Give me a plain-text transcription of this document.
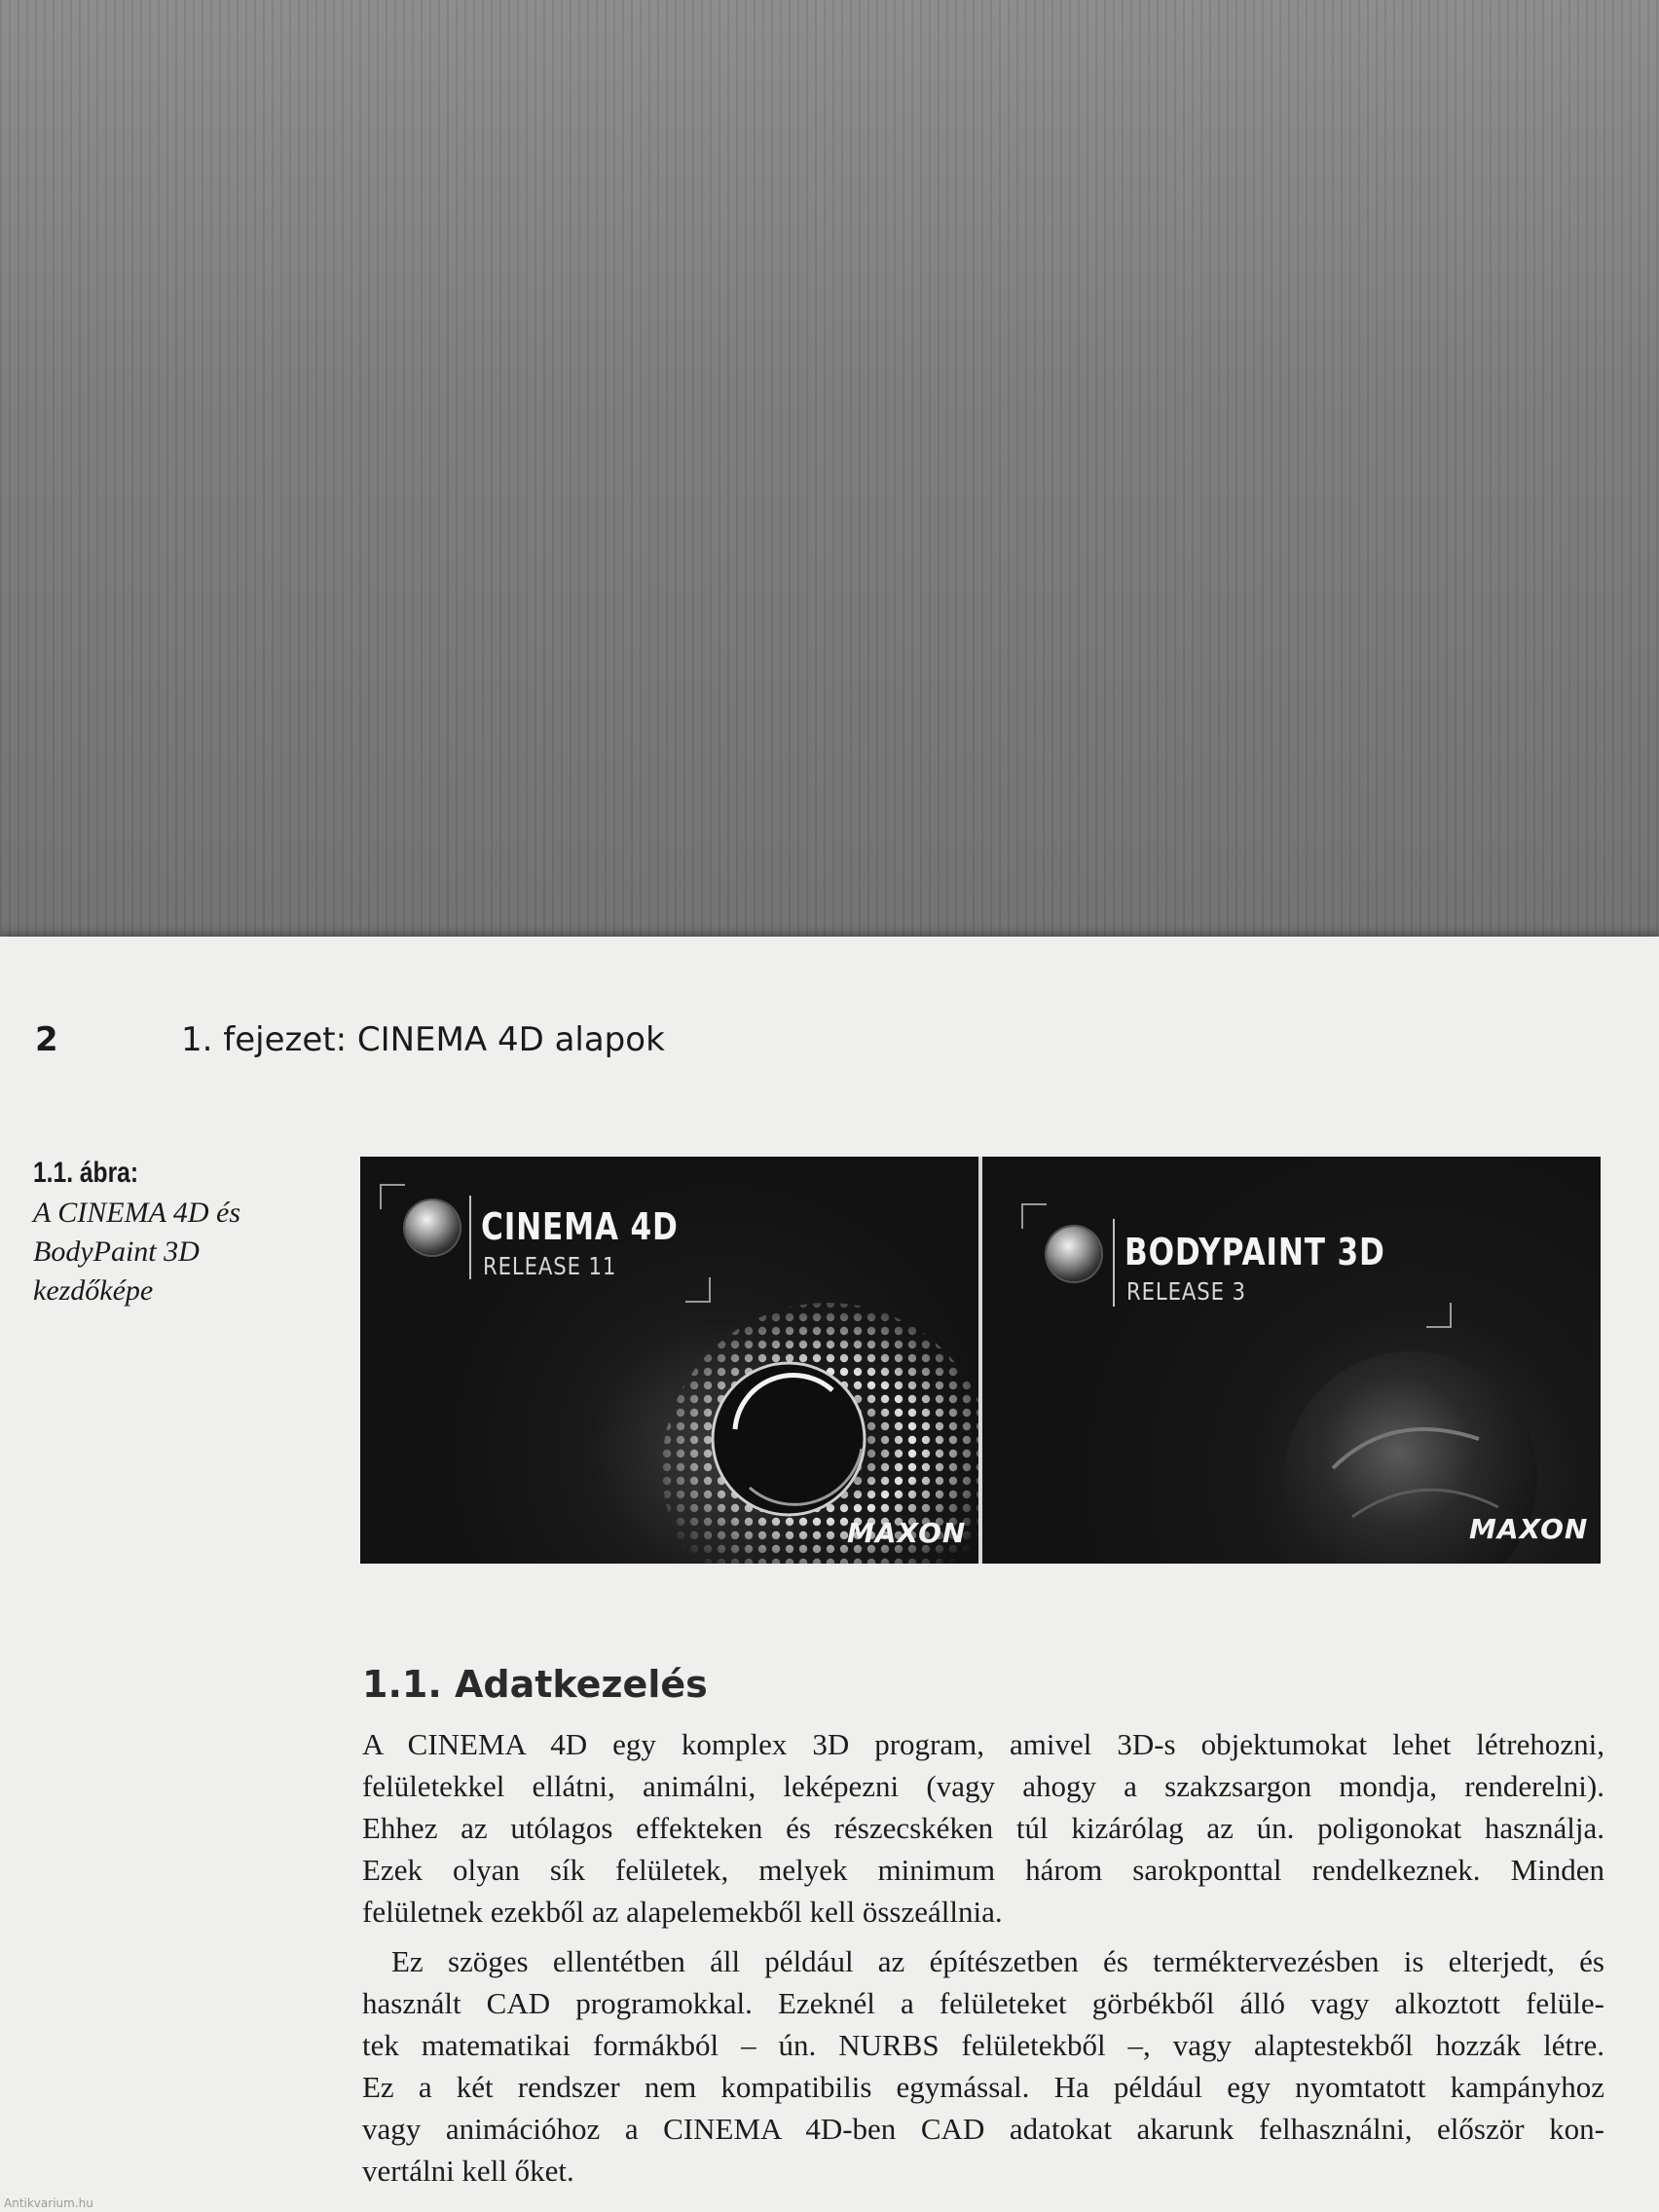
2	1. fejezet: CINEMA 4D alapok
1.1. ábra:
A CINEMA 4D és
BodyPaint 3D
kezdőképe
CINEMA 4D
RELEASE 11
MAXON
BODYPAINT 3D
RELEASE 3
MAXON
1.1. Adatkezelés

A CINEMA 4D egy komplex 3D program, amivel 3D-s objektumokat lehet létrehozni,
felületekkel ellátni, animálni, leképezni (vagy ahogy a szakzsargon mondja, renderelni).
Ehhez az utólagos effekteken és részecskéken túl kizárólag az ún. poligonokat használja.
Ezek olyan sík felületek, melyek minimum három sarokponttal rendelkeznek. Minden
felületnek ezekből az alapelemekből kell összeállnia.

Ez szöges ellentétben áll például az építészetben és terméktervezésben is elterjedt, és
használt CAD programokkal. Ezeknél a felületeket görbékből álló vagy alkoztott felüle-
tek matematikai formákból – ún. NURBS felületekből –, vagy alaptestekből hozzák létre.
Ez a két rendszer nem kompatibilis egymással. Ha például egy nyomtatott kampányhoz
vagy animációhoz a CINEMA 4D-ben CAD adatokat akarunk felhasználni, először kon-
vertálni kell őket.

Antikvarium.hu
